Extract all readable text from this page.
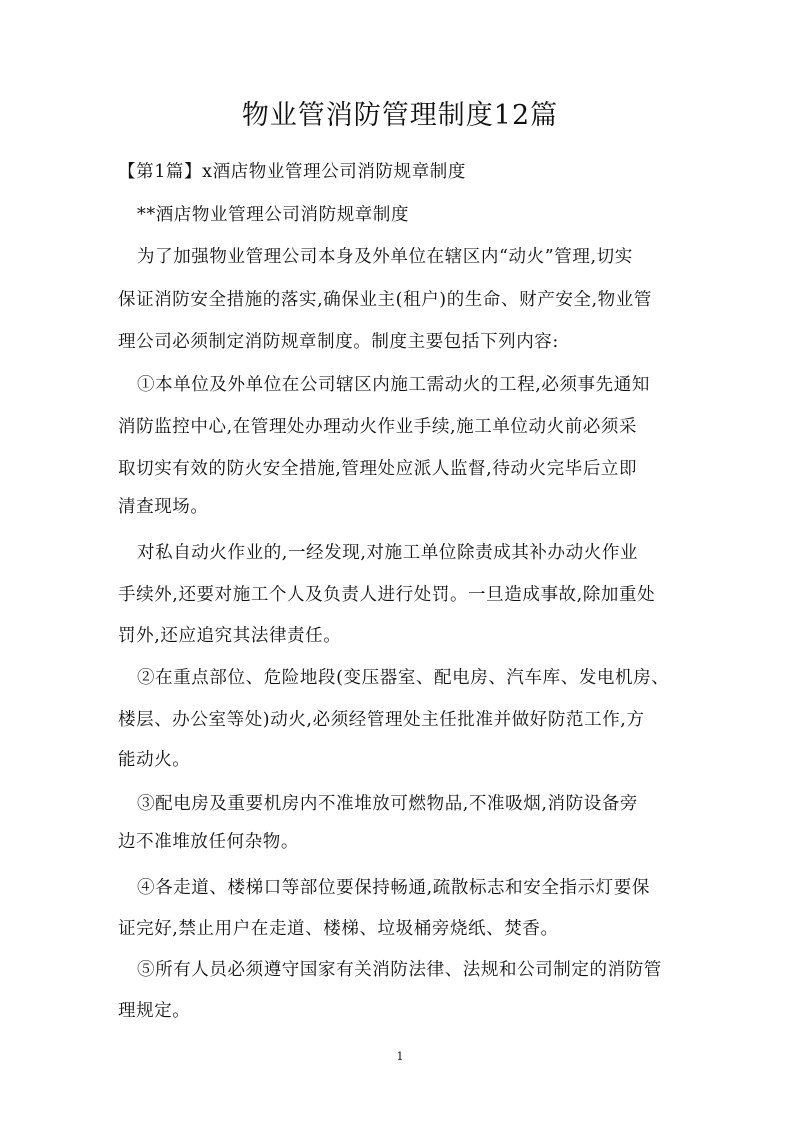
物业管消防管理制度12篇

【第1篇】x酒店物业管理公司消防规章制度

**酒店物业管理公司消防规章制度

为了加强物业管理公司本身及外单位在辖区内“动火”管理,切实

保证消防安全措施的落实,确保业主(租户)的生命、财产安全,物业管

理公司必须制定消防规章制度。制度主要包括下列内容:

①本单位及外单位在公司辖区内施工需动火的工程,必须事先通知

消防监控中心,在管理处办理动火作业手续,施工单位动火前必须采

取切实有效的防火安全措施,管理处应派人监督,待动火完毕后立即

清查现场。

对私自动火作业的,一经发现,对施工单位除责成其补办动火作业

手续外,还要对施工个人及负责人进行处罚。一旦造成事故,除加重处

罚外,还应追究其法律责任。

②在重点部位、危险地段(变压器室、配电房、汽车库、发电机房、

楼层、办公室等处)动火,必须经管理处主任批准并做好防范工作,方

能动火。

③配电房及重要机房内不准堆放可燃物品,不准吸烟,消防设备旁

边不准堆放任何杂物。

④各走道、楼梯口等部位要保持畅通,疏散标志和安全指示灯要保

证完好,禁止用户在走道、楼梯、垃圾桶旁烧纸、焚香。

⑤所有人员必须遵守国家有关消防法律、法规和公司制定的消防管

理规定。

1
